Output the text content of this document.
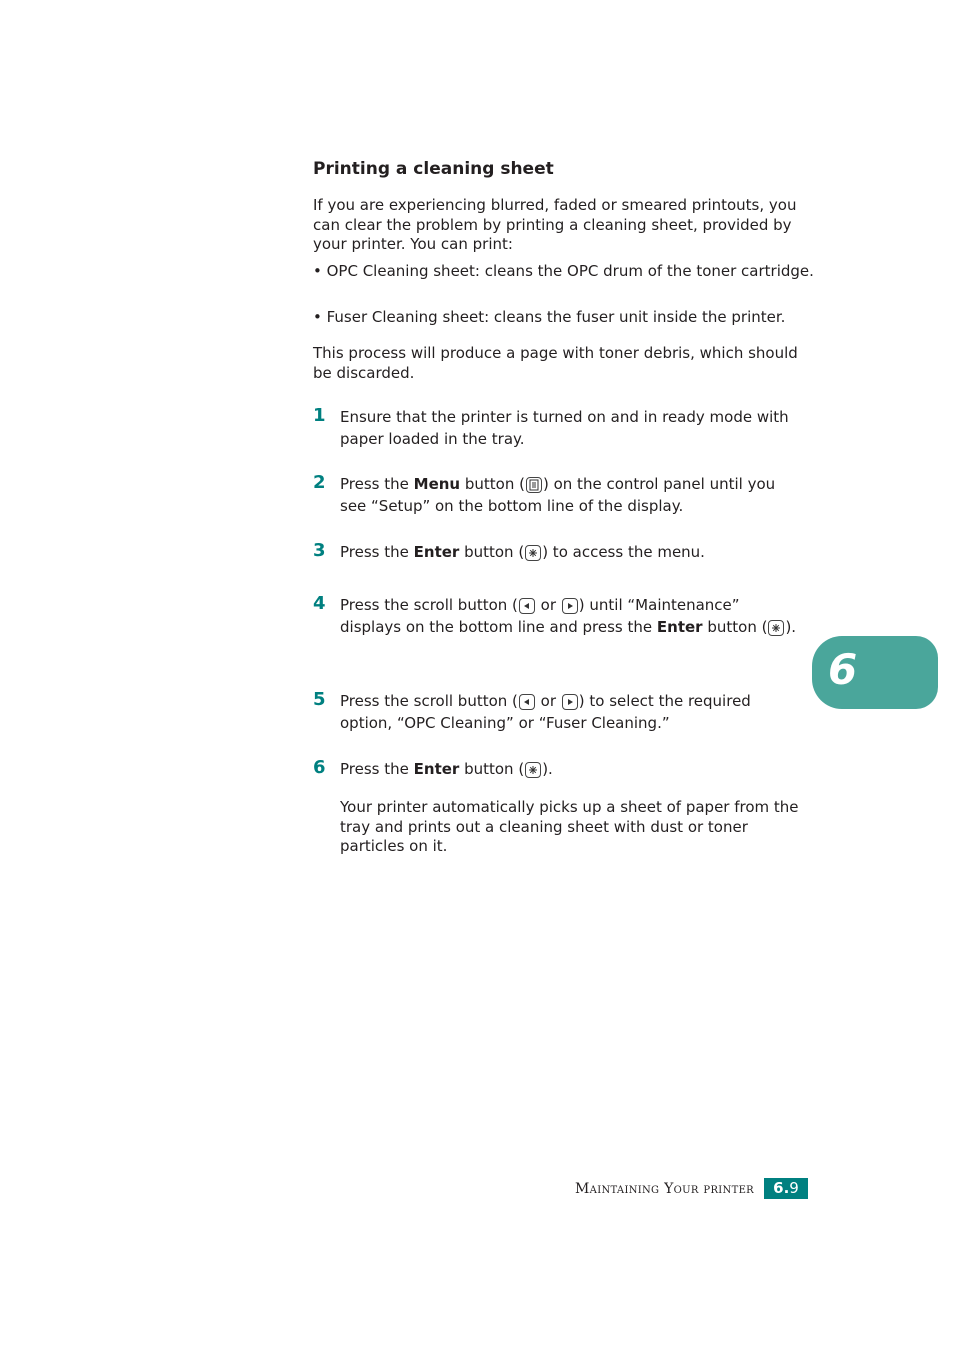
Printing a cleaning sheet

If you are experiencing blurred, faded or smeared printouts, you can clear the problem by printing a cleaning sheet, provided by your printer. You can print:

• OPC Cleaning sheet: cleans the OPC drum of the toner cartridge.

• Fuser Cleaning sheet: cleans the fuser unit inside the printer.

This process will produce a page with toner debris, which should be discarded.

1 Ensure that the printer is turned on and in ready mode with paper loaded in the tray.

2 Press the Menu button ( ) on the control panel until you see “Setup” on the bottom line of the display.

3 Press the Enter button ( ) to access the menu.

4 Press the scroll button (
or
) until “Maintenance” displays on the bottom line and press the Enter button ( ).

5 Press the scroll button (
or
) to select the required option, “OPC Cleaning” or “Fuser Cleaning.”

6 Press the Enter button ( ).

Your printer automatically picks up a sheet of paper from the tray and prints out a cleaning sheet with dust or toner particles on it.

6
Maintaining Your printer	6.9
